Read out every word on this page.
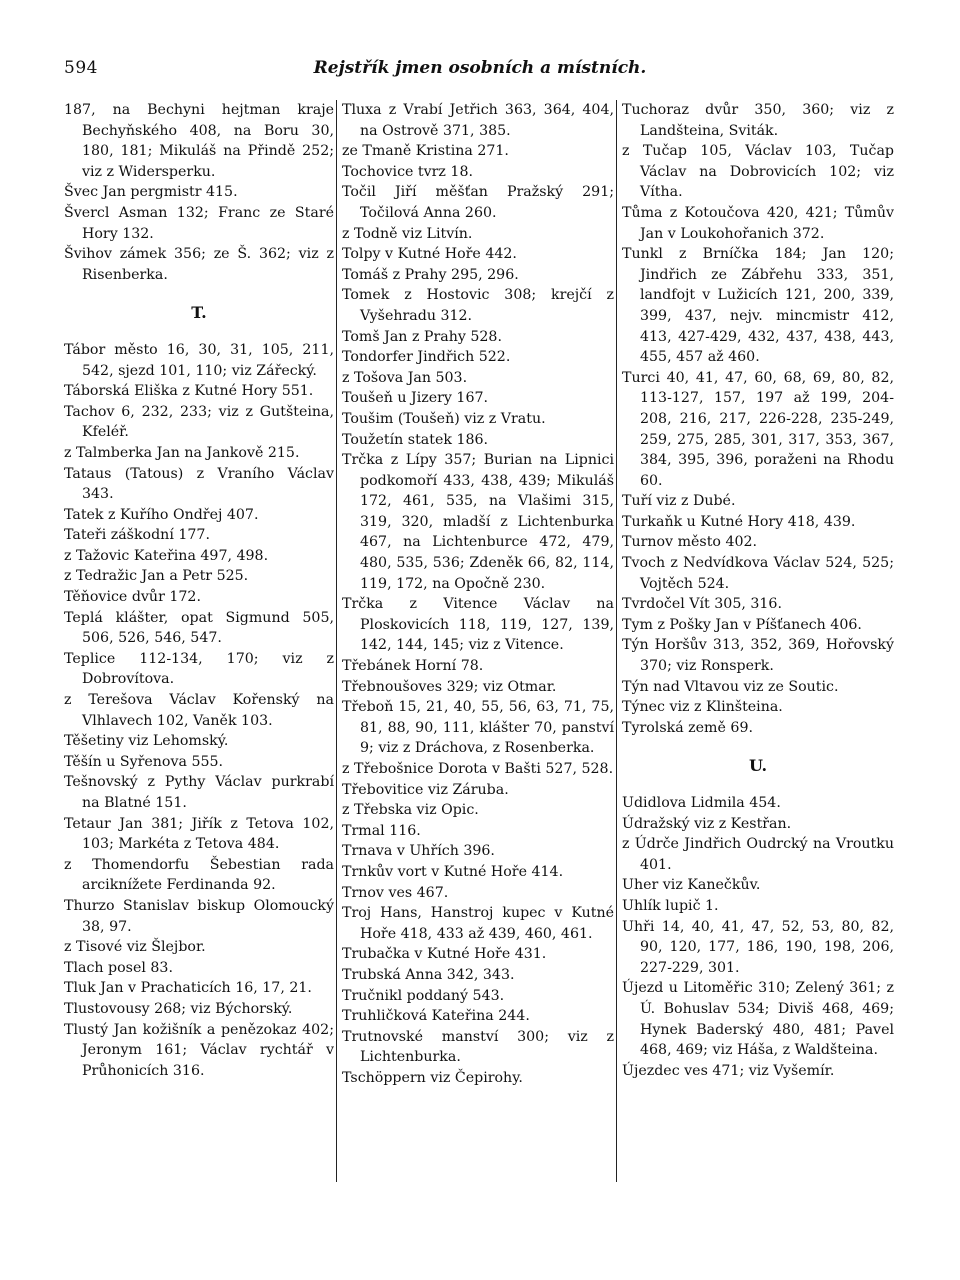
594	Rejstřík jmen osobních a místních.

187, na Bechyni hejtman kraje Bechyňského 408, na Boru 30, 180, 181; Mikuláš na Přindě 252; viz z Widersperku.

Švec Jan pergmistr 415.

Švercl Asman 132; Franc ze Staré Hory 132.

Švihov zámek 356; ze Š. 362; viz z Risenberka.

T.

Tábor město 16, 30, 31, 105, 211, 542, sjezd 101, 110; viz Zářecký.

Táborská Eliška z Kutné Hory 551.

Tachov 6, 232, 233; viz z Gutšteina, Kfeléř.

z Talmberka Jan na Jankově 215.

Tataus (Tatous) z Vraního Václav 343.

Tatek z Kuřího Ondřej 407.

Tateři záškodní 177.

z Tažovic Kateřina 497, 498.

z Tedražic Jan a Petr 525.

Těňovice dvůr 172.

Teplá klášter, opat Sigmund 505, 506, 526, 546, 547.

Teplice 112-134, 170; viz z Dobrovítova.

z Terešova Václav Kořenský na Vlhlavech 102, Vaněk 103.

Těšetiny viz Lehomský.

Těšín u Syřenova 555.

Tešnovský z Pythy Václav purkrabí na Blatné 151.

Tetaur Jan 381; Jiřík z Tetova 102, 103; Markéta z Tetova 484.

z Thomendorfu Šebestian rada arciknížete Ferdinanda 92.

Thurzo Stanislav biskup Olomoucký 38, 97.

z Tisové viz Šlejbor.

Tlach posel 83.

Tluk Jan v Prachaticích 16, 17, 21.

Tlustovousy 268; viz Býchorský.

Tlustý Jan kožišník a penězokaz 402; Jeronym 161; Václav rychtář v Průhonicích 316.

Tluxa z Vrabí Jetřich 363, 364, 404, na Ostrově 371, 385.

ze Tmaně Kristina 271.

Tochovice tvrz 18.

Točil Jiří měšťan Pražský 291; Točilová Anna 260.

z Todně viz Litvín.

Tolpy v Kutné Hoře 442.

Tomáš z Prahy 295, 296.

Tomek z Hostovic 308; krejčí z Vyšehradu 312.

Tomš Jan z Prahy 528.

Tondorfer Jindřich 522.

z Tošova Jan 503.

Toušeň u Jizery 167.

Toušim (Toušeň) viz z Vratu.

Toužetín statek 186.

Trčka z Lípy 357; Burian na Lipnici podkomoří 433, 438, 439; Mikuláš 172, 461, 535, na Vlašimi 315, 319, 320, mladší z Lichtenburka 467, na Lichtenburce 472, 479, 480, 535, 536; Zdeněk 66, 82, 114, 119, 172, na Opočně 230.

Trčka z Vitence Václav na Ploskovicích 118, 119, 127, 139, 142, 144, 145; viz z Vitence.

Třebánek Horní 78.

Třebnoušoves 329; viz Otmar.

Třeboň 15, 21, 40, 55, 56, 63, 71, 75, 81, 88, 90, 111, klášter 70, panství 9; viz z Dráchova, z Rosenberka.

z Třebošnice Dorota v Bašti 527, 528.

Třebovitice viz Záruba.

z Třebska viz Opic.

Trmal 116.

Trnava v Uhřích 396.

Trnkův vort v Kutné Hoře 414.

Trnov ves 467.

Troj Hans, Hanstroj kupec v Kutné Hoře 418, 433 až 439, 460, 461.

Trubačka v Kutné Hoře 431.

Trubská Anna 342, 343.

Tručnikl poddaný 543.

Truhličková Kateřina 244.

Trutnovské manství 300; viz z Lichtenburka.

Tschöppern viz Čepirohy.

Tuchoraz dvůr 350, 360; viz z Landšteina, Sviták.

z Tučap 105, Václav 103, Tučap Václav na Dobrovicích 102; viz Vítha.

Tůma z Kotoučova 420, 421; Tůmův Jan v Loukohořanich 372.

Tunkl z Brníčka 184; Jan 120; Jindřich ze Zábřehu 333, 351, landfojt v Lužicích 121, 200, 339, 399, 437, nejv. mincmistr 412, 413, 427-429, 432, 437, 438, 443, 455, 457 až 460.

Turci 40, 41, 47, 60, 68, 69, 80, 82, 113-127, 157, 197 až 199, 204-208, 216, 217, 226-228, 235-249, 259, 275, 285, 301, 317, 353, 367, 384, 395, 396, poraženi na Rhodu 60.

Tuří viz z Dubé.

Turkaňk u Kutné Hory 418, 439.

Turnov město 402.

Tvoch z Nedvídkova Václav 524, 525; Vojtěch 524.

Tvrdočel Vít 305, 316.

Tym z Pošky Jan v Píšťanech 406.

Týn Horšův 313, 352, 369, Hořovský 370; viz Ronsperk.

Týn nad Vltavou viz ze Soutic.

Týnec viz z Klinšteina.

Tyrolská země 69.

U.

Udidlova Lidmila 454.

Údražský viz z Kestřan.

z Údrče Jindřich Oudrcký na Vroutku 401.

Uher viz Kanečkův.

Uhlík lupič 1.

Uhři 14, 40, 41, 47, 52, 53, 80, 82, 90, 120, 177, 186, 190, 198, 206, 227-229, 301.

Újezd u Litoměřic 310; Zelený 361; z Ú. Bohuslav 534; Diviš 468, 469; Hynek Baderský 480, 481; Pavel 468, 469; viz Háša, z Waldšteina.

Újezdec ves 471; viz Vyšemír.
